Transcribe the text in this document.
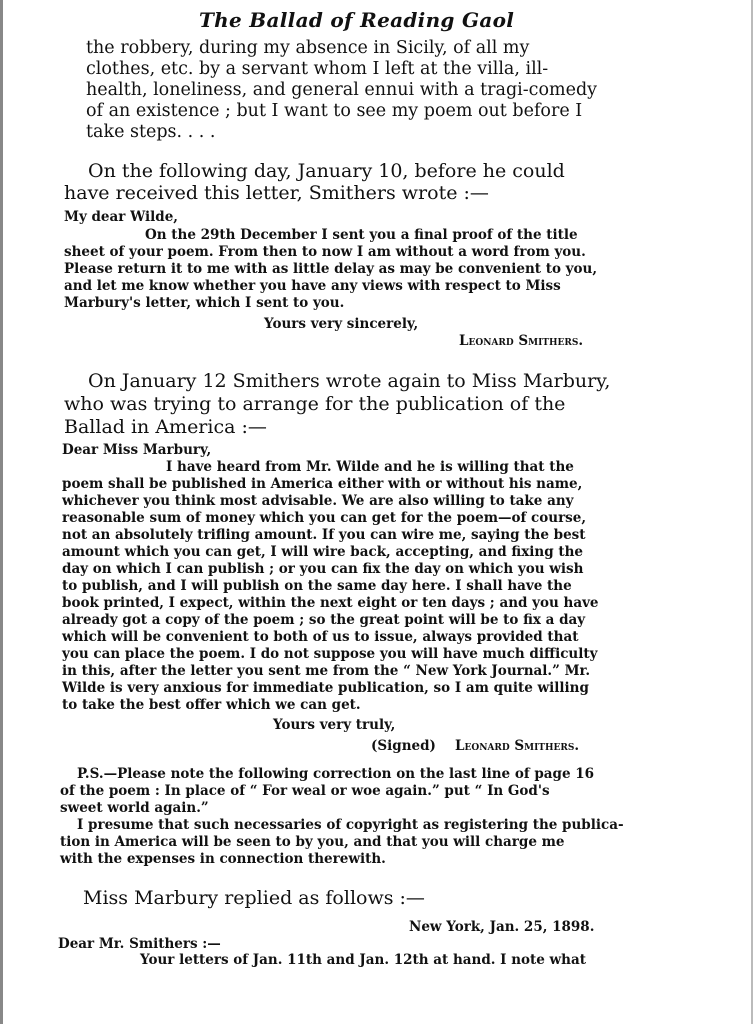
The Ballad of Reading Gaol
the robbery, during my absence in Sicily, of all my
clothes, etc. by a servant whom I left at the villa, ill-
health, loneliness, and general ennui with a tragi-comedy
of an existence ; but I want to see my poem out before I
take steps. . . .
On the following day, January 10, before he could
have received this letter, Smithers wrote :—
My dear Wilde,
On the 29th December I sent you a final proof of the title
sheet of your poem. From then to now I am without a word from you.
Please return it to me with as little delay as may be convenient to you,
and let me know whether you have any views with respect to Miss
Marbury's letter, which I sent to you.
Yours very sincerely,
Leonard Smithers.
On January 12 Smithers wrote again to Miss Marbury,
who was trying to arrange for the publication of the
Ballad in America :—
Dear Miss Marbury,
I have heard from Mr. Wilde and he is willing that the
poem shall be published in America either with or without his name,
whichever you think most advisable. We are also willing to take any
reasonable sum of money which you can get for the poem—of course,
not an absolutely trifling amount. If you can wire me, saying the best
amount which you can get, I will wire back, accepting, and fixing the
day on which I can publish ; or you can fix the day on which you wish
to publish, and I will publish on the same day here. I shall have the
book printed, I expect, within the next eight or ten days ; and you have
already got a copy of the poem ; so the great point will be to fix a day
which will be convenient to both of us to issue, always provided that
you can place the poem. I do not suppose you will have much difficulty
in this, after the letter you sent me from the “ New York Journal.” Mr.
Wilde is very anxious for immediate publication, so I am quite willing
to take the best offer which we can get.
Yours very truly,
(Signed) Leonard Smithers.
P.S.—Please note the following correction on the last line of page 16
of the poem : In place of “ For weal or woe again.” put “ In God's
sweet world again.”
I presume that such necessaries of copyright as registering the publica-
tion in America will be seen to by you, and that you will charge me
with the expenses in connection therewith.
Miss Marbury replied as follows :—
New York, Jan. 25, 1898.
Dear Mr. Smithers :—
Your letters of Jan. 11th and Jan. 12th at hand. I note what
